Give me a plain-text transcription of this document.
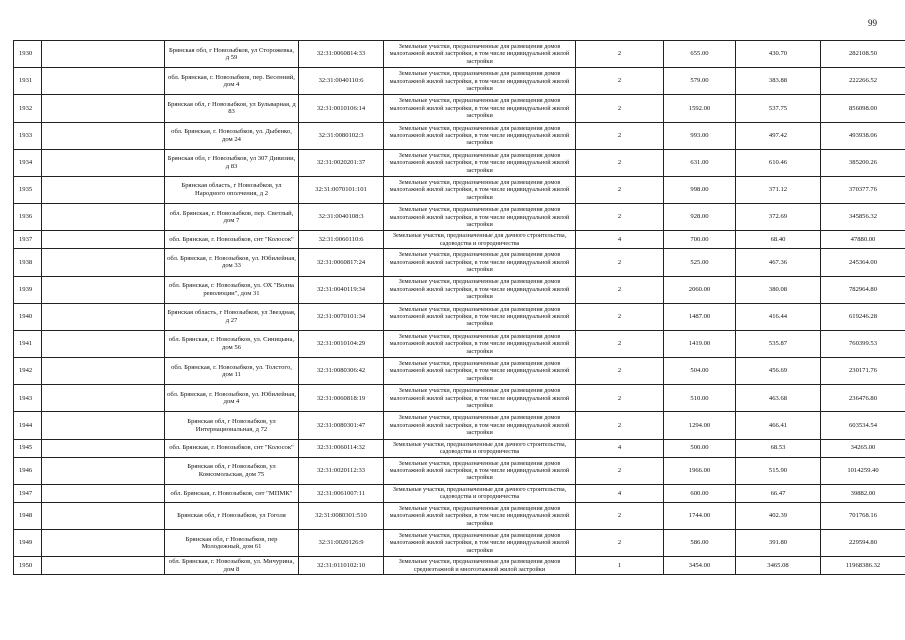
99
1930		Брянская обл, г Новозыбков, ул Сторожевка, д 59	32:31:0060814:33	Земельные участки, предназначенные для размещения домов малоэтажной жилой застройки, в том числе индивидуальной жилой застройки	2	655.00	430.70	282108.50
1931		обл. Брянская, г. Новозыбков, пер. Весенний, дом 4	32:31:0040110:6	Земельные участки, предназначенные для размещения домов малоэтажной жилой застройки, в том числе индивидуальной жилой застройки	2	579.00	383.88	222266.52
1932		Брянская обл, г Новозыбков, ул Бульварная, д 83	32:31:0010106:14	Земельные участки, предназначенные для размещения домов малоэтажной жилой застройки, в том числе индивидуальной жилой застройки	2	1592.00	537.75	856098.00
1933		обл. Брянская, г. Новозыбков, ул. Дыбенко, дом 24	32:31:0080102:3	Земельные участки, предназначенные для размещения домов малоэтажной жилой застройки, в том числе индивидуальной жилой застройки	2	993.00	497.42	493938.06
1934		Брянская обл, г Новозыбков, ул 307 Дивизии, д 83	32:31:0020201:37	Земельные участки, предназначенные для размещения домов малоэтажной жилой застройки, в том числе индивидуальной жилой застройки	2	631.00	610.46	385200.26
1935		Брянская область, г Новозыбков, ул Народного ополчения, д 2	32:31:0070101:101	Земельные участки, предназначенные для размещения домов малоэтажной жилой застройки, в том числе индивидуальной жилой застройки	2	998.00	371.12	370377.76
1936		обл. Брянская, г. Новозыбков, пер. Светлый, дом 7	32:31:0040108:3	Земельные участки, предназначенные для размещения домов малоэтажной жилой застройки, в том числе индивидуальной жилой застройки	2	928.00	372.69	345856.32
1937		обл. Брянская, г. Новозыбков, снт "Колосок"	32:31:0060110:6	Земельные участки, предназначенные для дачного строительства, садоводства и огородничества	4	700.00	68.40	47880.00
1938		обл. Брянская, г. Новозыбков, ул. Юбилейная, дом 33	32:31:0060817:24	Земельные участки, предназначенные для размещения домов малоэтажной жилой застройки, в том числе индивидуальной жилой застройки	2	525.00	467.36	245364.00
1939		обл. Брянская, г. Новозыбков, ул. ОХ "Волна революции", дом 31	32:31:0040119:34	Земельные участки, предназначенные для размещения домов малоэтажной жилой застройки, в том числе индивидуальной жилой застройки	2	2060.00	380.08	782964.80
1940		Брянская область, г Новозыбков, ул Звездная, д 27	32:31:0070101:34	Земельные участки, предназначенные для размещения домов малоэтажной жилой застройки, в том числе индивидуальной жилой застройки	2	1487.00	416.44	619246.28
1941		обл. Брянская, г. Новозыбков, ул. Синицына, дом 56	32:31:0010104:29	Земельные участки, предназначенные для размещения домов малоэтажной жилой застройки, в том числе индивидуальной жилой застройки	2	1419.00	535.87	760399.53
1942		обл. Брянская, г. Новозыбков, ул. Толстого, дом 11	32:31:0080306:42	Земельные участки, предназначенные для размещения домов малоэтажной жилой застройки, в том числе индивидуальной жилой застройки	2	504.00	456.69	230171.76
1943		обл. Брянская, г. Новозыбков, ул. Юбилейная, дом 4	32:31:0060818:19	Земельные участки, предназначенные для размещения домов малоэтажной жилой застройки, в том числе индивидуальной жилой застройки	2	510.00	463.68	236476.80
1944		Брянская обл, г Новозыбков, ул Интернациональная, д 72	32:31:0080301:47	Земельные участки, предназначенные для размещения домов малоэтажной жилой застройки, в том числе индивидуальной жилой застройки	2	1294.00	466.41	603534.54
1945		обл. Брянская, г. Новозыбков, снт "Колосок"	32:31:0060114:32	Земельные участки, предназначенные для дачного строительства, садоводства и огородничества	4	500.00	68.53	34265.00
1946		Брянская обл, г Новозыбков, ул Комсомольская, дом 75	32:31:0020112:33	Земельные участки, предназначенные для размещения домов малоэтажной жилой застройки, в том числе индивидуальной жилой застройки	2	1966.00	515.90	1014259.40
1947		обл. Брянская, г. Новозыбков, снт "МПМК"	32:31:0061007:11	Земельные участки, предназначенные для дачного строительства, садоводства и огородничества	4	600.00	66.47	39882.00
1948		Брянская обл, г Новозыбков, ул Гоголя	32:31:0080301:510	Земельные участки, предназначенные для размещения домов малоэтажной жилой застройки, в том числе индивидуальной жилой застройки	2	1744.00	402.39	701768.16
1949		Брянская обл, г Новозыбков, пер Молодежный, дом 61	32:31:0020126:9	Земельные участки, предназначенные для размещения домов малоэтажной жилой застройки, в том числе индивидуальной жилой застройки	2	586.00	391.80	229594.80
1950		обл. Брянская, г. Новозыбков, ул. Мичурина, дом 8	32:31:0110102:10	Земельные участки, предназначенные для размещения домов среднеэтажной и многоэтажной жилой застройки	1	3454.00	3465.08	11968386.32
